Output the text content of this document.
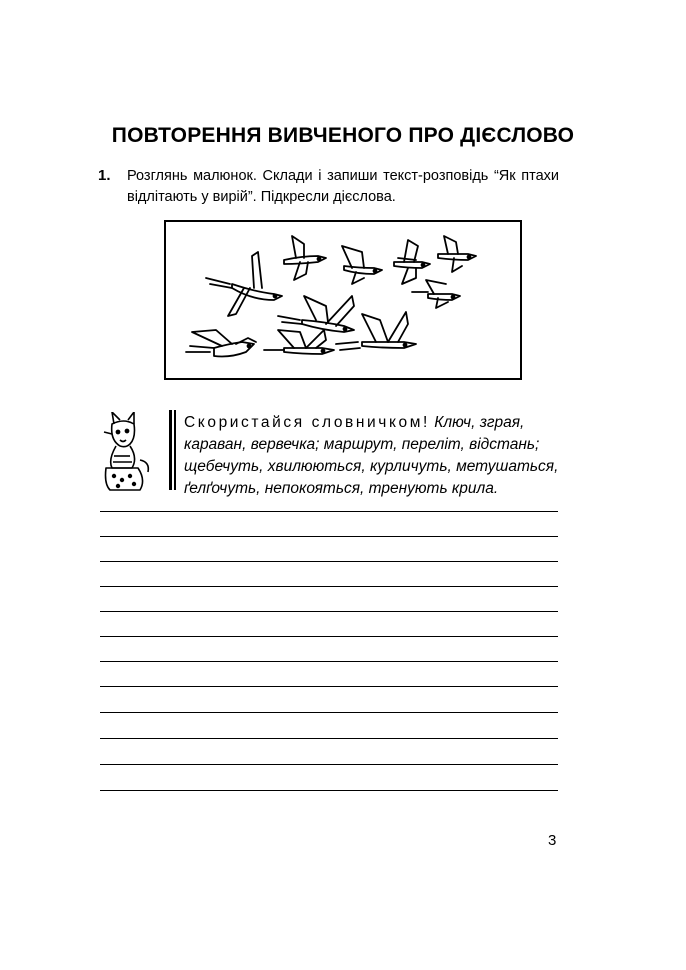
ПОВТОРЕННЯ ВИВЧЕНОГО ПРО ДІЄСЛОВО
1. Розглянь малюнок. Склади і запиши текст-розповідь “Як птахи відлітають у вирій”. Підкресли дієслова.
Скористайся словничком! Ключ, зграя, караван, вервечка; маршрут, переліт, відстань; щебечуть, хвилюються, курличуть, метушаться, ґелґочуть, непокояться, тренують крила.
3
